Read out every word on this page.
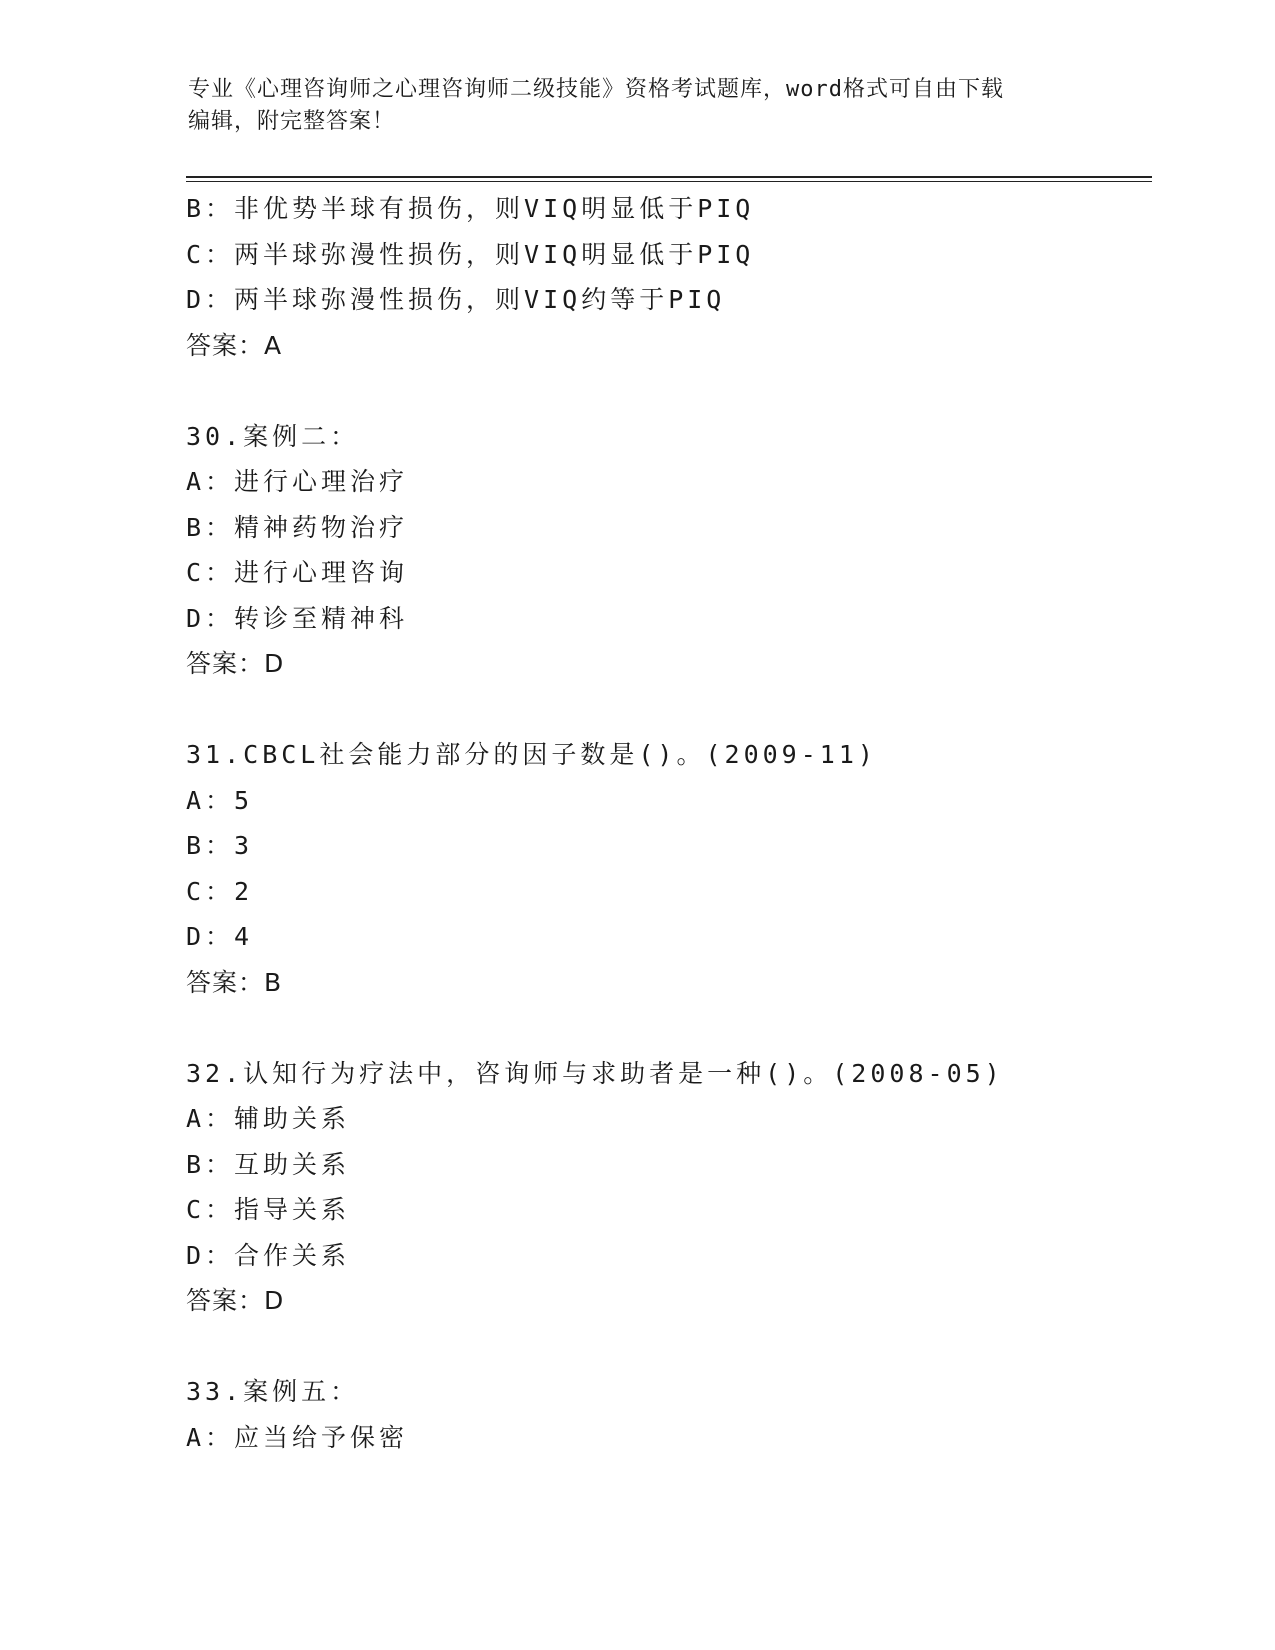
专业《心理咨询师之心理咨询师二级技能》资格考试题库，word格式可自由下载
编辑，附完整答案！
B：非优势半球有损伤，则VIQ明显低于PIQ
C：两半球弥漫性损伤，则VIQ明显低于PIQ
D：两半球弥漫性损伤，则VIQ约等于PIQ
答案：A
30.案例二：
A：进行心理治疗
B：精神药物治疗
C：进行心理咨询
D：转诊至精神科
答案：D
31.CBCL社会能力部分的因子数是()。(2009-11)
A：5
B：3
C：2
D：4
答案：B
32.认知行为疗法中，咨询师与求助者是一种()。(2008-05)
A：辅助关系
B：互助关系
C：指导关系
D：合作关系
答案：D
33.案例五：
A：应当给予保密
